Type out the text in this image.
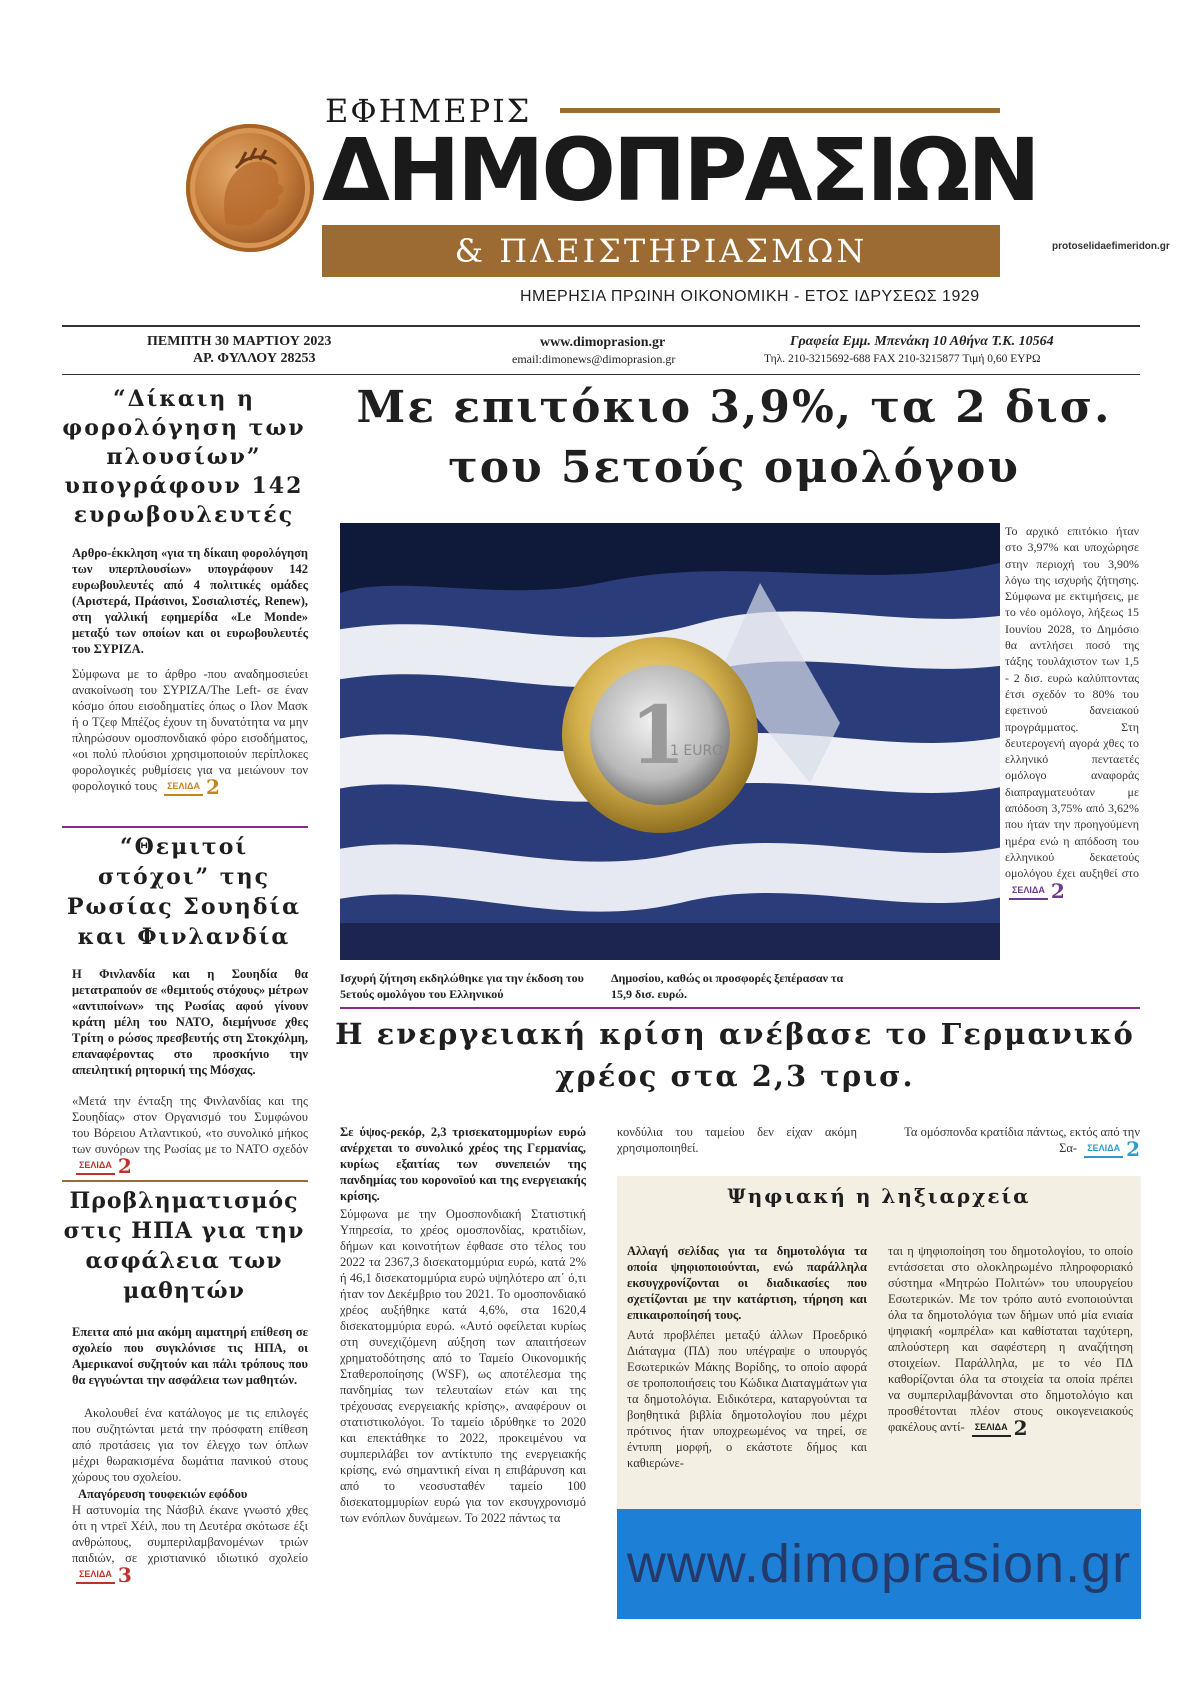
ΕΦΗΜΕΡΙΣ
ΔΗΜΟΠΡΑΣΙΩΝ
& ΠΛΕΙΣΤΗΡΙΑΣΜΩΝ
ΗΜΕΡΗΣΙΑ ΠΡΩΙΝΗ ΟΙΚΟΝΟΜΙΚΗ - ΕΤΟΣ ΙΔΡΥΣΕΩΣ 1929
protoselidaefimeridon.gr
ΠΕΜΠΤΗ 30 ΜΑΡΤΙΟΥ 2023
ΑΡ. ΦΥΛΛΟΥ 28253
www.dimoprasion.gr
email:dimonews@dimoprasion.gr
Γραφεία Εμμ. Μπενάκη 10 Αθήνα Τ.Κ. 10564
Τηλ. 210-3215692-688 FAX 210-3215877 Τιμή 0,60 ΕΥΡΩ
“Δίκαιη η φορολόγηση των πλουσίων” υπογράφουν 142 ευρωβουλευτές
Αρθρο-έκκληση «για τη δίκαιη φορολόγηση των υπερπλουσίων» υπογράφουν 142 ευρωβουλευτές από 4 πολιτικές ομάδες (Αριστερά, Πράσινοι, Σοσιαλιστές, Renew), στη γαλλική εφημερίδα «Le Monde» μεταξύ των οποίων και οι ευρωβουλευτές του ΣΥΡΙΖΑ.
Σύμφωνα με το άρθρο -που αναδημοσιεύει ανακοίνωση του ΣΥΡΙΖΑ/The Left- σε έναν κόσμο όπου εισοδηματίες όπως ο Ιλον Μασκ ή ο Τζεφ Μπέζος έχουν τη δυνατότητα να μην πληρώσουν ομοσπονδιακό φόρο εισοδήματος, «οι πολύ πλούσιοι χρησιμοποιούν περίπλοκες φορολογικές ρυθμίσεις για να μειώνουν τον φορολογικό τους ΣΕΛΙΔΑ 2
“Θεμιτοί στόχοι” της Ρωσίας Σουηδία και Φινλανδία
Η Φινλανδία και η Σουηδία θα μετατραπούν σε «θεμιτούς στόχους» μέτρων «αντιποίνων» της Ρωσίας αφού γίνουν κράτη μέλη του ΝΑΤΟ, διεμήνυσε χθες Τρίτη ο ρώσος πρεσβευτής στη Στοκχόλμη, επαναφέροντας στο προσκήνιο την απειλητική ρητορική της Μόσχας.
«Μετά την ένταξη της Φινλανδίας και της Σουηδίας» στον Οργανισμό του Συμφώνου του Βόρειου Ατλαντικού, «το συνολικό μήκος των συνόρων της Ρωσίας με το ΝΑΤΟ σχεδόν ΣΕΛΙΔΑ 2
Προβληματισμός στις ΗΠΑ για την ασφάλεια των μαθητών
Επειτα από μια ακόμη αιματηρή επίθεση σε σχολείο που συγκλόνισε τις ΗΠΑ, οι Αμερικανοί συζητούν και πάλι τρόπους που θα εγγυώνται την ασφάλεια των μαθητών.

Ακολουθεί ένα κατάλογος με τις επιλογές που συζητώνται μετά την πρόσφατη επίθεση από προτάσεις για τον έλεγχο των όπλων μέχρι θωρακισμένα δωμάτια πανικού στους χώρους του σχολείου.

Απαγόρευση τουφεκιών εφόδου
Η αστυνομία της Νάσβιλ έκανε γνωστό χθες ότι η ντρεϊ Χέιλ, που τη Δευτέρα σκότωσε έξι ανθρώπους, συμπεριλαμβανομένων τριών παιδιών, σε χριστιανικό ιδιωτικό σχολείο ΣΕΛΙΔΑ 3
Με επιτόκιο 3,9%, τα 2 δισ.
του 5ετούς ομολόγου
1
1 EURO
Ισχυρή ζήτηση εκδηλώθηκε για την έκδοση του 5ετούς ομολόγου του Ελληνικού
Δημοσίου, καθώς οι προσφορές ξεπέρασαν τα 15,9 δισ. ευρώ.
Το αρχικό επιτόκιο ήταν στο 3,97% και υποχώρησε στην περιοχή του 3,90% λόγω της ισχυρής ζήτησης. Σύμφωνα με εκτιμήσεις, με το νέο ομόλογο, λήξεως 15 Ιουνίου 2028, το Δημόσιο θα αντλήσει ποσό της τάξης τουλάχιστον των 1,5 - 2 δισ. ευρώ καλύπτοντας έτσι σχεδόν το 80% του εφετινού δανειακού προγράμματος. Στη δευτερογενή αγορά χθες το ελληνικό πενταετές ομόλογο αναφοράς διαπραγματευόταν με απόδοση 3,75% από 3,62% που ήταν την προηγούμενη ημέρα ενώ η απόδοση του ελληνικού δεκαετούς ομολόγου έχει αυξηθεί στο ΣΕΛΙΔΑ 2
Η ενεργειακή κρίση ανέβασε το Γερμανικό
χρέος στα 2,3 τρισ.
Σε ύψος-ρεκόρ, 2,3 τρισεκατομμυρίων ευρώ ανέρχεται το συνολικό χρέος της Γερμανίας, κυρίως εξαιτίας των συνεπειών της πανδημίας του κορονοϊού και της ενεργειακής κρίσης.
Σύμφωνα με την Ομοσπονδιακή Στατιστική Υπηρεσία, το χρέος ομοσπονδίας, κρατιδίων, δήμων και κοινοτήτων έφθασε στο τέλος του 2022 τα 2367,3 δισεκατομμύρια ευρώ, κατά 2% ή 46,1 δισεκατομμύρια ευρώ υψηλότερο απ΄ ό,τι ήταν τον Δεκέμβριο του 2021. Το ομοσπονδιακό χρέος αυξήθηκε κατά 4,6%, στα 1620,4 δισεκατομμύρια ευρώ. «Αυτό οφείλεται κυρίως στη συνεχιζόμενη αύξηση των απαιτήσεων χρηματοδότησης από το Ταμείο Οικονομικής Σταθεροποίησης (WSF), ως αποτέλεσμα της πανδημίας των τελευταίων ετών και της τρέχουσας ενεργειακής κρίσης», αναφέρουν οι στατιστικολόγοι. Το ταμείο ιδρύθηκε το 2020 και επεκτάθηκε το 2022, προκειμένου να συμπεριλάβει τον αντίκτυπο της ενεργειακής κρίσης, ενώ σημαντική είναι η επιβάρυνση και από το νεοσυσταθέν ταμείο 100 δισεκατομμυρίων ευρώ για τον εκσυγχρονισμό των ενόπλων δυνάμεων. Το 2022 πάντως τα
κονδύλια του ταμείου δεν είχαν ακόμη χρησιμοποιηθεί.
Τα ομόσπονδα κρατίδια πάντως, εκτός από την Σα- ΣΕΛΙΔΑ 2
Ψηφιακή η ληξιαρχεία
Αλλαγή σελίδας για τα δημοτολόγια τα οποία ψηφιοποιούνται, ενώ παράλληλα εκσυγχρονίζονται οι διαδικασίες που σχετίζονται με την κατάρτιση, τήρηση και επικαιροποίησή τους.
Αυτά προβλέπει μεταξύ άλλων Προεδρικό Διάταγμα (ΠΔ) που υπέγραψε ο υπουργός Εσωτερικών Μάκης Βορίδης, το οποίο αφορά σε τροποποιήσεις του Κώδικα Διαταγμάτων για τα δημοτολόγια. Ειδικότερα, καταργούνται τα βοηθητικά βιβλία δημοτολογίου που μέχρι πρότινος ήταν υποχρεωμένος να τηρεί, σε έντυπη μορφή, ο εκάστοτε δήμος και καθιερώνε-
ται η ψηφιοποίηση του δημοτολογίου, το οποίο εντάσσεται στο ολοκληρωμένο πληροφοριακό σύστημα «Μητρώο Πολιτών» του υπουργείου Εσωτερικών. Με τον τρόπο αυτό ενοποιούνται όλα τα δημοτολόγια των δήμων υπό μία ενιαία ψηφιακή «ομπρέλα» και καθίσταται ταχύτερη, απλούστερη και σαφέστερη η αναζήτηση στοιχείων. Παράλληλα, με το νέο ΠΔ καθορίζονται όλα τα στοιχεία τα οποία πρέπει να συμπεριλαμβάνονται στο δημοτολόγιο και προσθέτονται πλέον στους οικογενειακούς φακέλους αντί- ΣΕΛΙΔΑ 2
www.dimoprasion.gr
